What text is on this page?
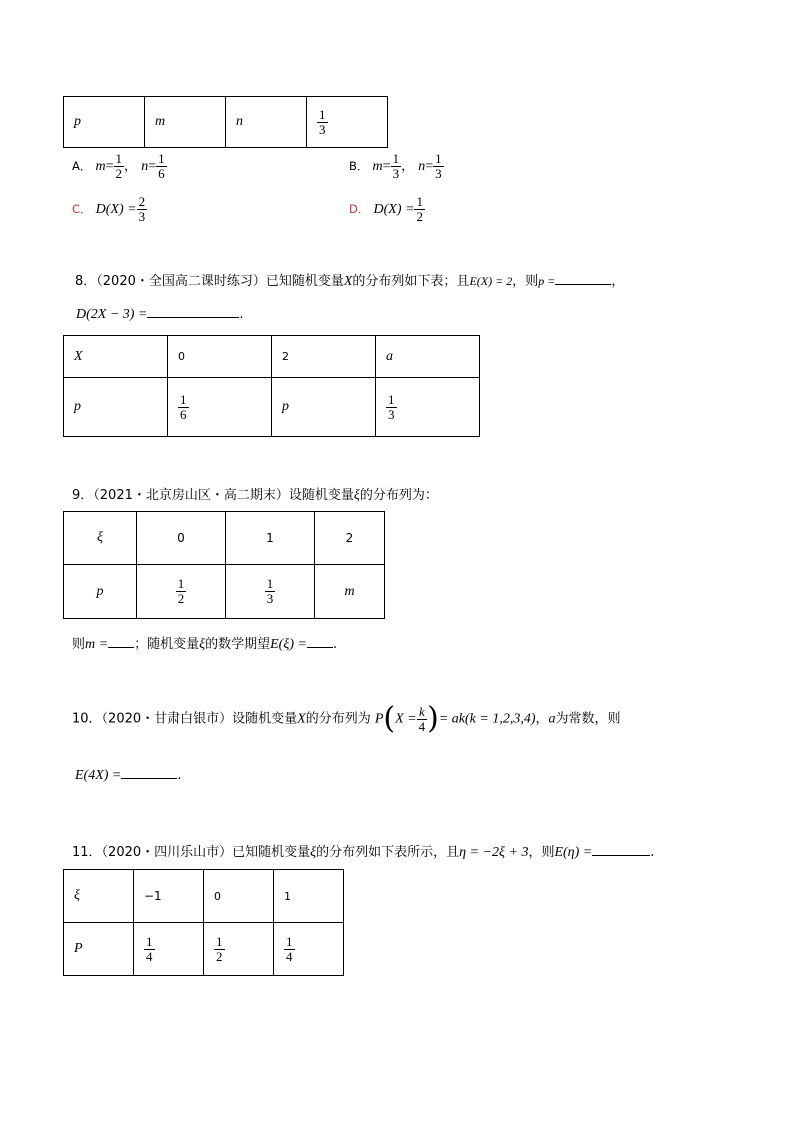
p	m	n	$\frac{1}{3}$
A． $m= \frac{1}{2}$ ， $n= \frac{1}{6}$	B． $m= \frac{1}{3}$ ， $n= \frac{1}{3}$
C． $D(X) = \frac{2}{3}$	D． $D(X) = \frac{1}{2}$
8．（2020・全国高二课时练习）已知随机变量X的分布列如下表；且E(X) = 2，则p =	，
D(2X − 3) =	.
X	0	2	a
p	$\frac{1}{6}$	p	$\frac{1}{3}$
9．（2021・北京房山区・高二期末）设随机变量ξ的分布列为：
ξ	0	1	2
p	$\frac{1}{2}$	$\frac{1}{3}$	m
则m = ；随机变量ξ的数学期望E(ξ) = .
10．（2020・甘肃白银市）设随机变量X的分布列为 $P(X = \frac{k}{4}$ )= ak(k = 1,2,3,4)，a为常数，则
E(4X) =	.
11．（2020・四川乐山市）已知随机变量ξ的分布列如下表所示，且η = −2ξ + 3，则E(η) =	.
ξ	−1	0	1
P	$\frac{1}{4}$	$\frac{1}{2}$	$\frac{1}{4}$
